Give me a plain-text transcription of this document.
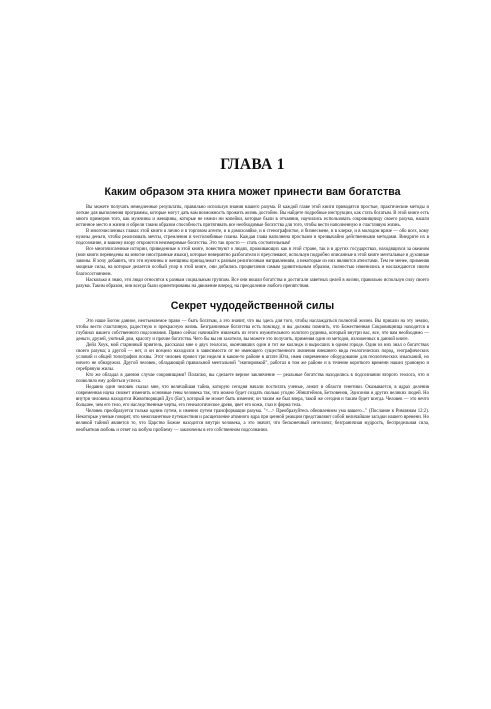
ГЛАВА 1
Каким образом эта книга может принести вам богатства

Вы можете получать немедленные результаты, правильно используя знания нашего разума. В каждой главе этой книги приводятся простые, практические методы и легкие для выполнения программы, которые могут дать вам возможность прожить жизнь достойно. Вы найдете подробные инструкции, как стать богатым. В этой книге есть много примеров того, как мужчины и женщины, которые не имели ни копейки, которые были в отчаянии, научились использовать сокровищницу своего разума, нашли истинное место в жизни и обрели таким образом способность притягивать все необходимые богатства для того, чтобы вести наполненную и счастливую жизнь.

В многочисленных главах этой книги я лично и в торговом агенте, и в домохозяйке, и в стенографистке, и бизнесмене, и в клерке, и в молодом враче — обо всех, кому нужны деньги, чтобы реализовать мечты, стремления и честолюбивые планы. Каждая глава наполнена простыми и чрезвычайно действенными методами. Внедрите их в подсознание, и вашему взору откроются неизмеримые богатства. Это так просто — стать состоятельным!

Все многочисленные истории, приведенные в этой книге, повествуют о людях, проживающих как в этой стране, так и в других государствах, находящихся за океаном (мои книги переведены на многие иностранные языки), которые невероятно разбогатели и преуспевают, используя подробно описанные в этой книге ментальные и духовные законы. Я хочу добавить, что эти мужчины и женщины принадлежат к разным религиозным направлениям, а некоторые из них являются атеистами. Тем не менее, применяя мощные силы, на которые делается особый упор в этой книге, они добились процветания самым удивительным образом, полностью изменились и наслаждаются своим благосостоянием.

Насколько я знаю, эти люди относятся к разным социальным группам. Все они вошли богатства и достигали заветных целей в жизни, правильно используя силу своего разума. Таким образом, они всегда были ориентированы на движение вперед, на преодоление любого препятствия.

Секрет чудодейственной силы

Это наше Богом данное, неотъемлемое право — быть богатым, а это значит, что вы здесь для того, чтобы наслаждаться полнотой жизни. Вы пришли на эту землю, чтобы вести счастливую, радостную и прекрасную жизнь. Безграничные богатства есть повсюду, и вы должны помнить, что Божественная Сокровищница находится в глубинах вашего собственного подсознания. Прямо сейчас начинайте извлекать из этого изумительного золотого рудника, который внутри вас, все, что вам необходимо — деньги, друзей, уютный дом, красоту и прочие богатства. Чего бы вы ни захотели, вы можете это получить, применяя один из методов, изложенных в данной книге.

Дейл Хоук, мой старинный приятель, рассказал мне о двух геологах, окончивших один и тот же колледж и выросших в одном городе. Один из них знал о богатствах своего разума; а другой — нет, и он всецело находился в зависимости от не имеющего существенного значения внешнего вида геологических пород, географических условий и общей топографии похвы. Этот человек провел три недели в каком-то районе в штате Юта, имея современное оборудование для геологических изысканий, но ничего не обнаружил. Другой человек, обладающий правильной ментальной "экипировкой", работал в том же районе и в течение короткого времени нашел урановую и серебряную жилы.

Кто же обладал в данном случае сокровищами? Полагаю, вы сделаете верное заключение — реальные богатства находились в подсознании второго геолога, что и позволило ему добиться успеха.

Недавно один человек сказал мне, что величайшая тайна, которую сегодня начали постигать ученые, лежит в области генетики. Оказывается, в ядрах деления современная наука сможет изменить основные гены человека так, что можно будет создать сколько угодно Эйнштейнов, Бетховенов, Эдисонов и других великих людей. Но внутри человека находится Животворящий Дух (Бог), который не может быть изменен; он таким же был вчера, такой же сегодня и таким будет всегда. Человек — это нечто большее, чем его тело, его наследственные черты, его генеалогическое древо, цвет его кожи, глаз и форма тела.

Человек преобразуется только одним путем, и именно путем трансформации разума. "<...> Преобразуйтесь обновлением ума вашего..." (Послание к Римлянам 12:2). Некоторые ученые говорят, что межпланетные путешествия и расщепление атомного ядра при ценной реакции представляют собой величайшие загадки нашего времени. Но великой тайной является то, что Царство Божие находится внутри человека, а это значит, что бесконечный интеллект, безграничная мудрость, беспредельная сила, необъятная любовь и ответ на любую проблему — заключены в его собственном подсознании.
